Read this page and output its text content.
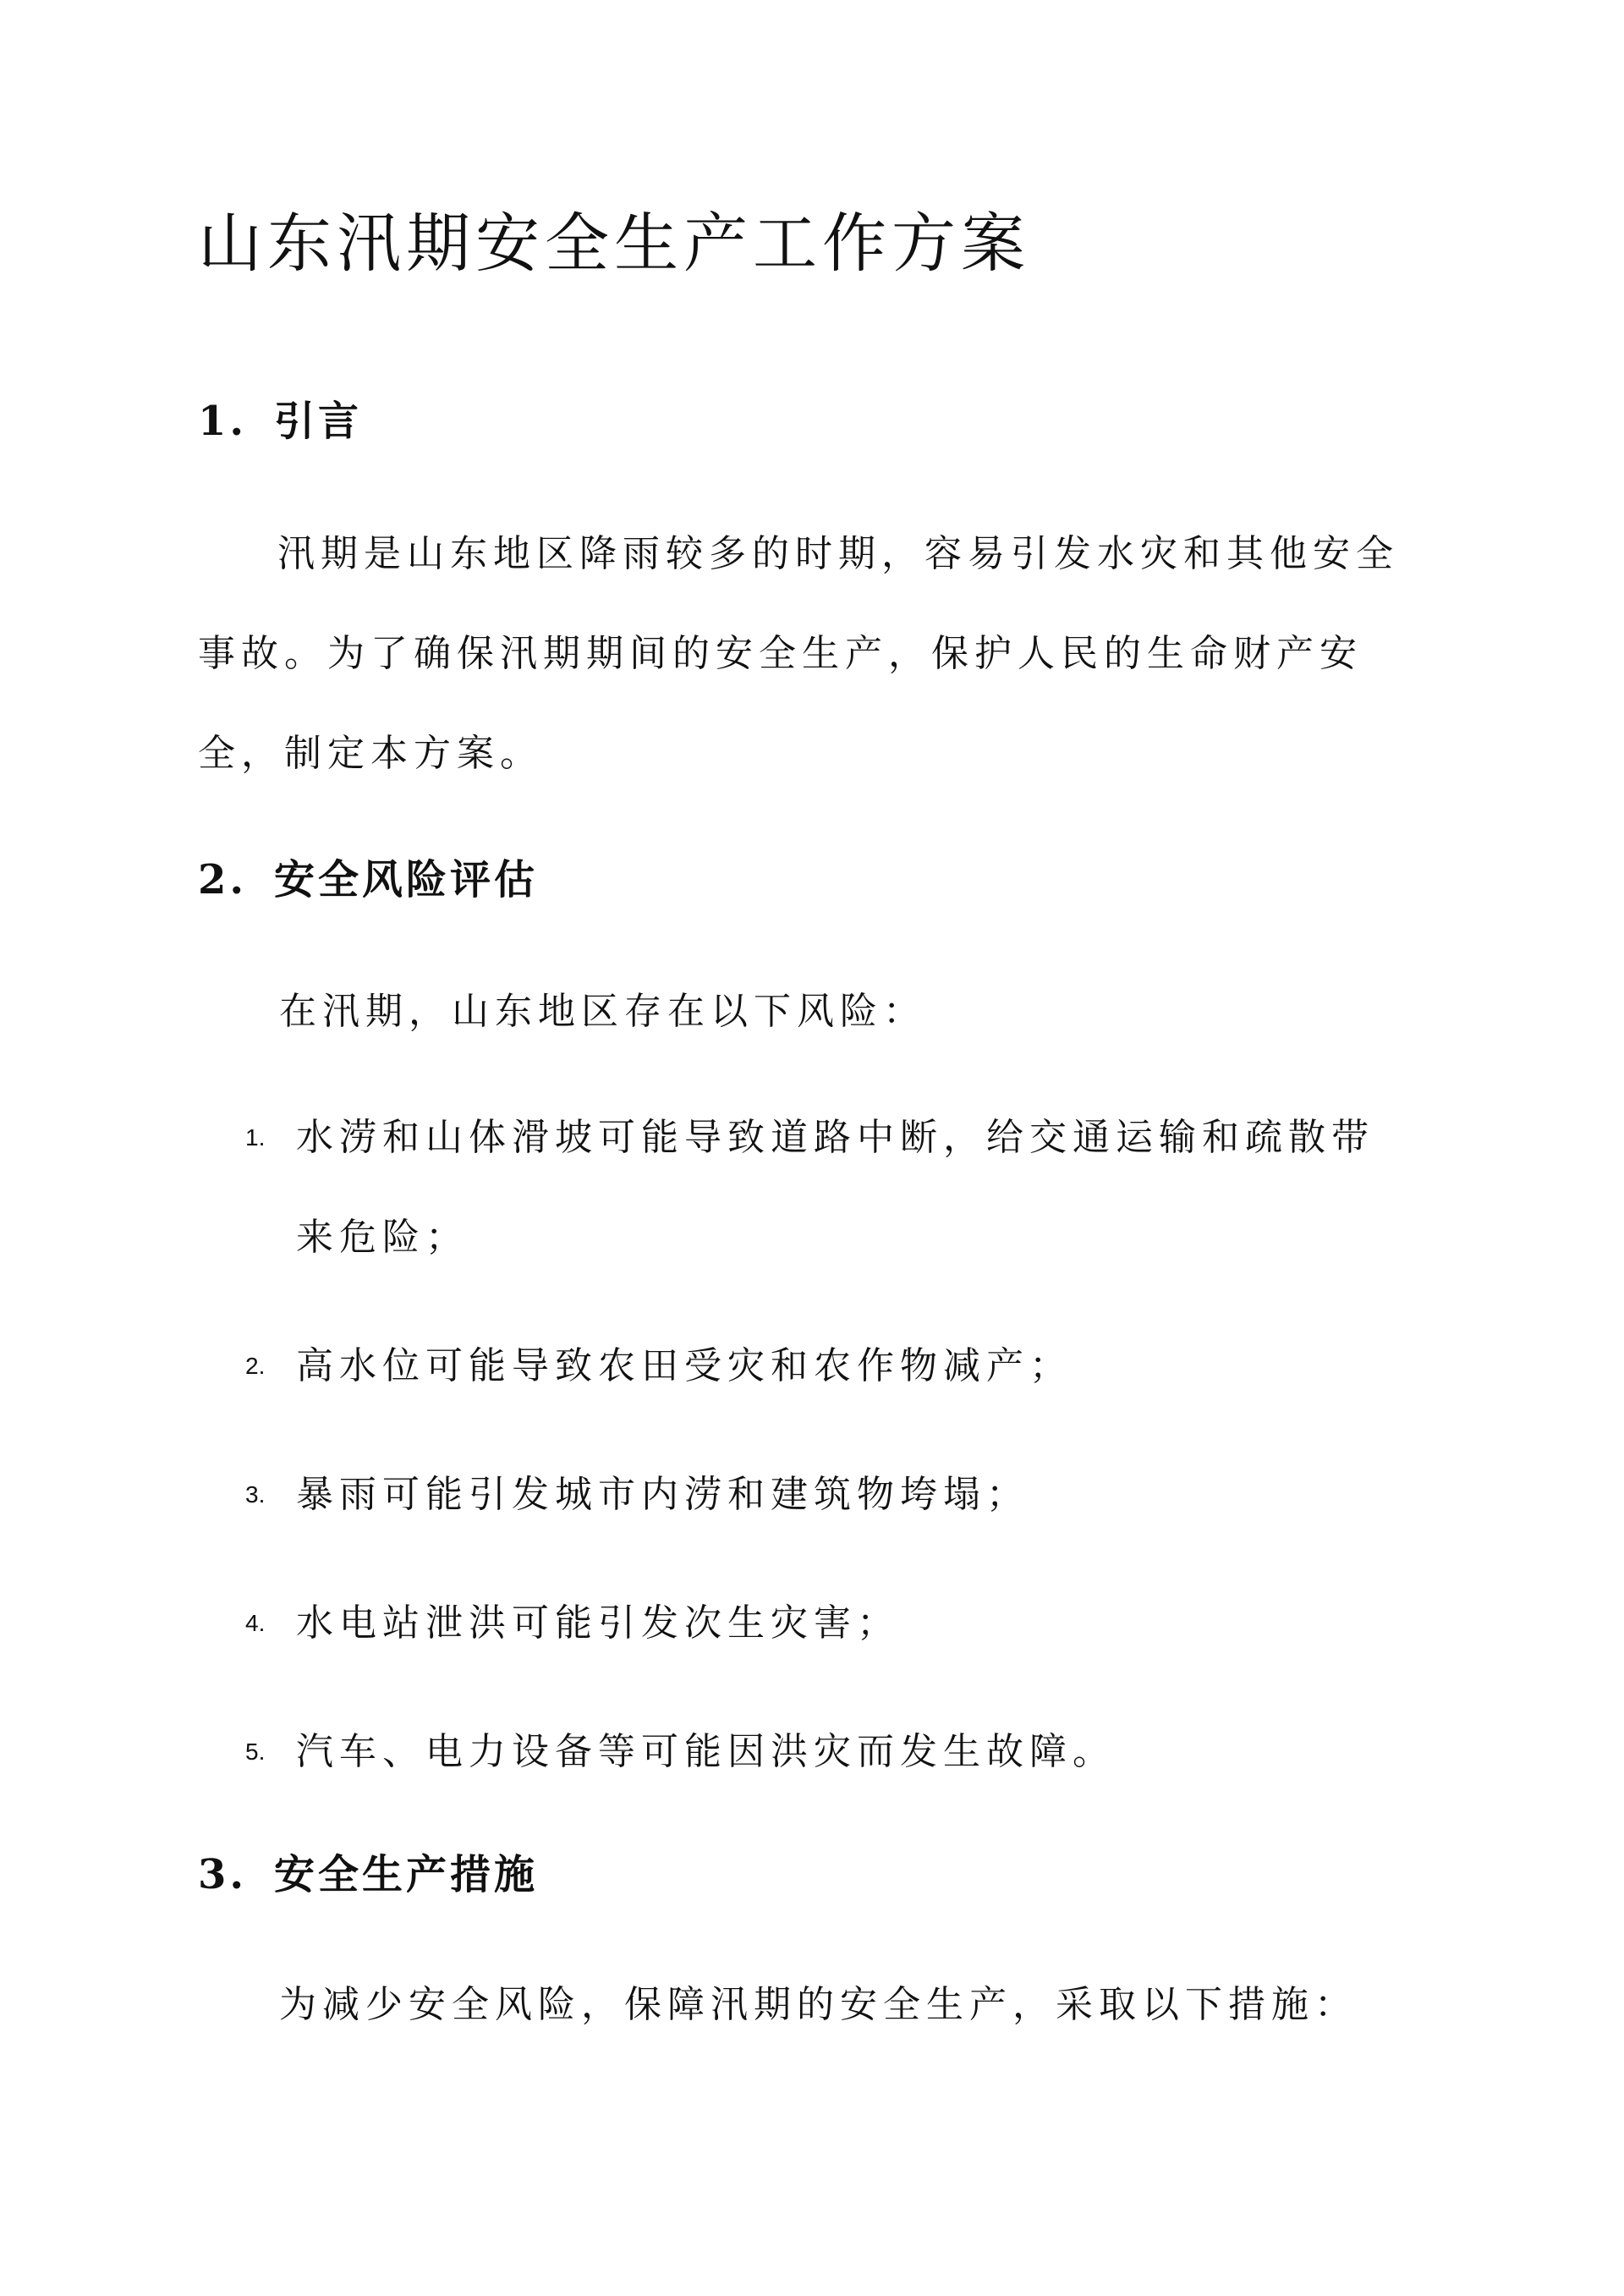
山东汛期安全生产工作方案
1. 引言

汛期是山东地区降雨较多的时期，容易引发水灾和其他安全事故。为了确保汛期期间的安全生产，保护人民的生命财产安全，制定本方案。

2. 安全风险评估

在汛期，山东地区存在以下风险：

1. 水涝和山体滑坡可能导致道路中断，给交通运输和疏散带来危险；
2. 高水位可能导致农田受灾和农作物减产；
3. 暴雨可能引发城市内涝和建筑物垮塌；
4. 水电站泄洪可能引发次生灾害；
5. 汽车、电力设备等可能因洪灾而发生故障。
3. 安全生产措施

为减少安全风险，保障汛期的安全生产，采取以下措施：
